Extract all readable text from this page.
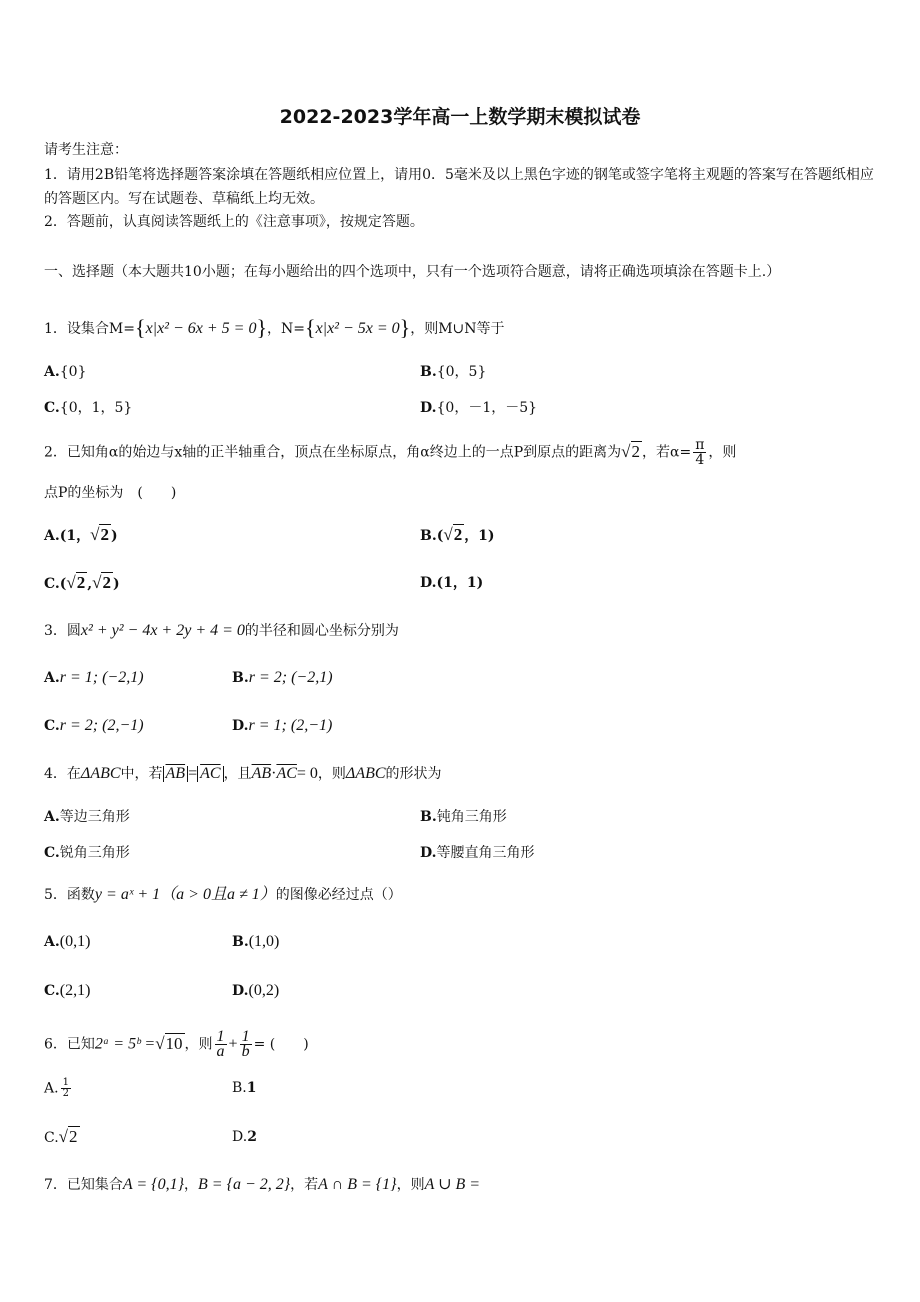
2022-2023学年高一上数学期末模拟试卷
请考生注意：
1．请用2B铅笔将选择题答案涂填在答题纸相应位置上，请用0．5毫米及以上黑色字迹的钢笔或签字笔将主观题的答案写在答题纸相应的答题区内。写在试题卷、草稿纸上均无效。
2．答题前，认真阅读答题纸上的《注意事项》，按规定答题。
一、选择题（本大题共10小题；在每小题给出的四个选项中，只有一个选项符合题意，请将正确选项填涂在答题卡上.）
1．设集合M={x|x² − 6x + 5 = 0}，N={x|x² − 5x = 0}，则M∪N等于
A.{0}	B.{0，5}
C.{0，1，5}	D.{0，－1，－5}
2．已知角α的始边与x轴的正半轴重合，顶点在坐标原点，角α终边上的一点P到原点的距离为√2 ，若$\alpha= \frac{\pi}{4}$ ，则
点P的坐标为　(　　)
A.(1，√2 )	B.(√2 ，1)
C.(√2 ,√2 )	D.(1，1)
3．圆x² + y² − 4x + 2y + 4 = 0的半径和圆心坐标分别为
A.r = 1; (−2,1)	B.r = 2; (−2,1)
C.r = 2; (2,−1)	D.r = 1; (2,−1)
4．在ΔABC中，若 $\overline{AB} = \overline{AC}$ ，且$\overline{AB}\cdot\overline{AC}= 0$，则ΔABC的形状为
A.等边三角形	B.钝角三角形
C.锐角三角形	D.等腰直角三角形
5．函数y = aˣ + 1（a > 0且a ≠ 1）的图像必经过点（）
A.(0,1)	B.(1,0)
C.(2,1)	D.(0,2)
6．已知2ᵃ = 5ᵇ =√10 ，则 $\frac{1}{a} + \frac{1}{b}$ = (　　)
A. $\frac{1}{2}$	B.1
C.√2	D.2
7．已知集合A = {0,1}，B = {a − 2, 2}，若A ∩ B = {1}，则A ∪ B =
